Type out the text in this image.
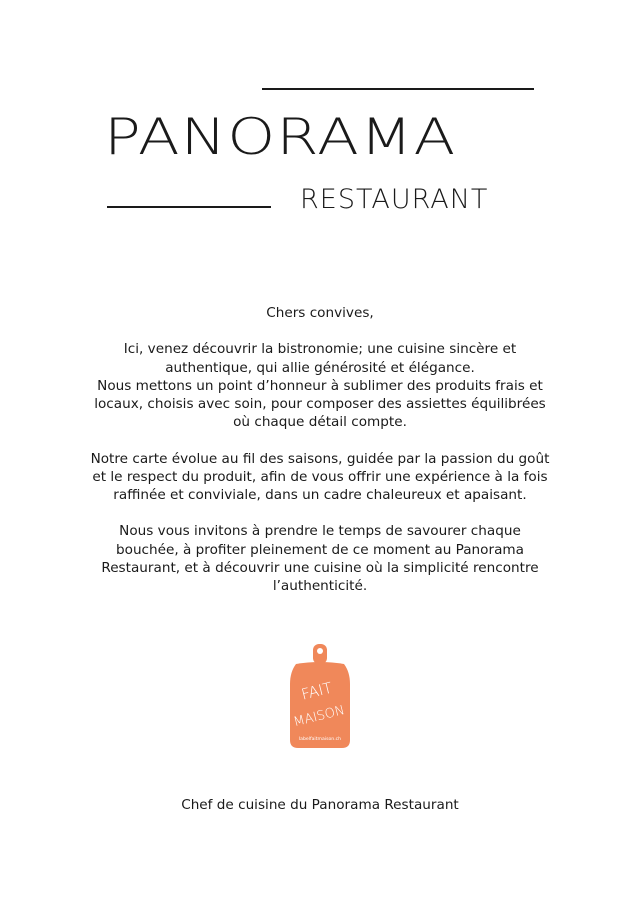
PANORAMA
RESTAURANT

Chers convives,

Ici, venez découvrir la bistronomie; une cuisine sincère et authentique, qui allie générosité et élégance.
Nous mettons un point d’honneur à sublimer des produits frais et locaux, choisis avec soin, pour composer des assiettes équilibrées où chaque détail compte.

Notre carte évolue au fil des saisons, guidée par la passion du goût et le respect du produit, afin de vous offrir une expérience à la fois raffinée et conviviale, dans un cadre chaleureux et apaisant.

Nous vous invitons à prendre le temps de savourer chaque bouchée, à profiter pleinement de ce moment au Panorama Restaurant, et à découvrir une cuisine où la simplicité rencontre l’authenticité.

FAIT
MAISON
labelfaitmaison.ch
Chef de cuisine du Panorama Restaurant
